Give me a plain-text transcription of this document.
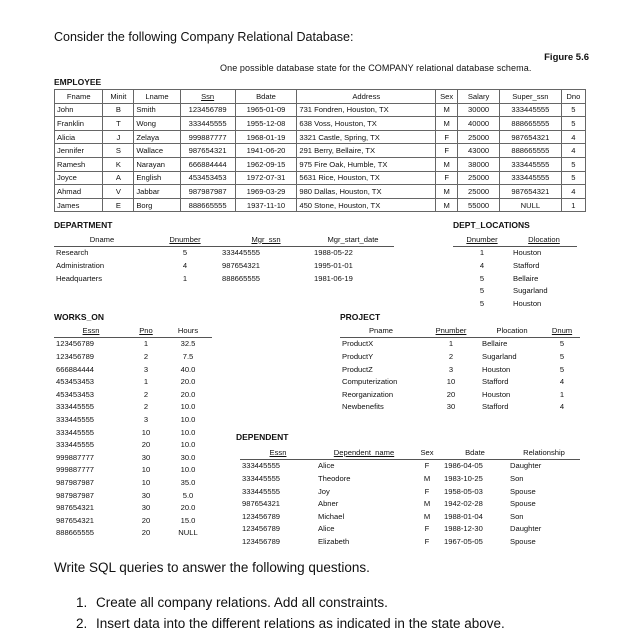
Consider the following Company Relational Database:
Figure 5.6
One possible database state for the COMPANY relational database schema.
EMPLOYEE
Fname	Minit	Lname	Ssn	Bdate	Address	Sex	Salary	Super_ssn	Dno
John	B	Smith	123456789	1965-01-09	731 Fondren, Houston, TX	M	30000	333445555	5
Franklin	T	Wong	333445555	1955-12-08	638 Voss, Houston, TX	M	40000	888665555	5
Alicia	J	Zelaya	999887777	1968-01-19	3321 Castle, Spring, TX	F	25000	987654321	4
Jennifer	S	Wallace	987654321	1941-06-20	291 Berry, Bellaire, TX	F	43000	888665555	4
Ramesh	K	Narayan	666884444	1962-09-15	975 Fire Oak, Humble, TX	M	38000	333445555	5
Joyce	A	English	453453453	1972-07-31	5631 Rice, Houston, TX	F	25000	333445555	5
Ahmad	V	Jabbar	987987987	1969-03-29	980 Dallas, Houston, TX	M	25000	987654321	4
James	E	Borg	888665555	1937-11-10	450 Stone, Houston, TX	M	55000	NULL	1
DEPARTMENT
Dname	Dnumber	Mgr_ssn	Mgr_start_date
Research	5	333445555	1988-05-22
Administration	4	987654321	1995-01-01
Headquarters	1	888665555	1981-06-19
DEPT_LOCATIONS
Dnumber	Dlocation
1	Houston
4	Stafford
5	Bellaire
5	Sugarland
5	Houston
WORKS_ON
Essn	Pno	Hours
123456789	1	32.5
123456789	2	7.5
666884444	3	40.0
453453453	1	20.0
453453453	2	20.0
333445555	2	10.0
333445555	3	10.0
333445555	10	10.0
333445555	20	10.0
999887777	30	30.0
999887777	10	10.0
987987987	10	35.0
987987987	30	5.0
987654321	30	20.0
987654321	20	15.0
888665555	20	NULL
PROJECT
Pname	Pnumber	Plocation	Dnum
ProductX	1	Bellaire	5
ProductY	2	Sugarland	5
ProductZ	3	Houston	5
Computerization	10	Stafford	4
Reorganization	20	Houston	1
Newbenefits	30	Stafford	4
DEPENDENT
Essn	Dependent_name	Sex	Bdate	Relationship
333445555	Alice	F	1986-04-05	Daughter
333445555	Theodore	M	1983-10-25	Son
333445555	Joy	F	1958-05-03	Spouse
987654321	Abner	M	1942-02-28	Spouse
123456789	Michael	M	1988-01-04	Son
123456789	Alice	F	1988-12-30	Daughter
123456789	Elizabeth	F	1967-05-05	Spouse
Write SQL queries to answer the following questions.
1. Create all company relations. Add all constraints.
2. Insert data into the different relations as indicated in the state above.
